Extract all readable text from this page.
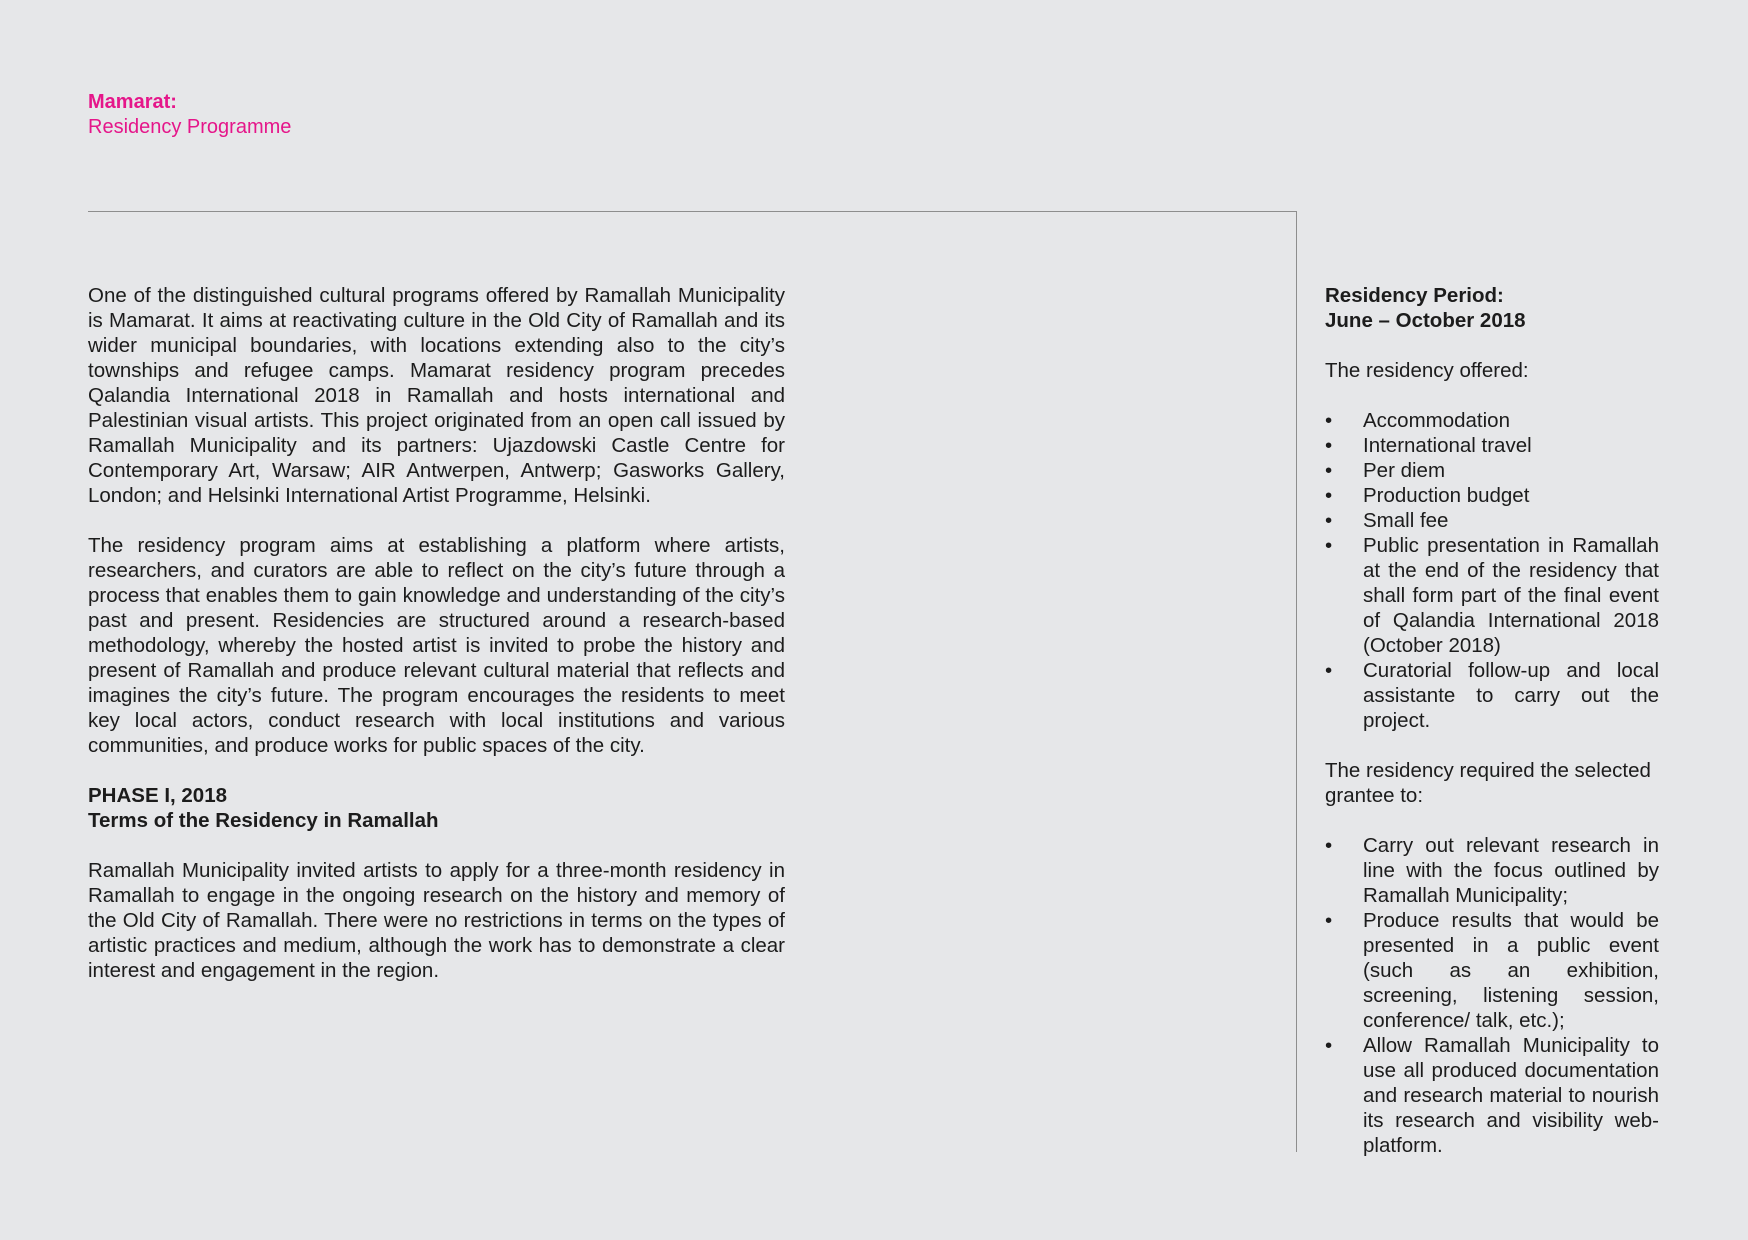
Mamarat:
Residency Programme

One of the distinguished cultural programs offered by Ramallah Municipality is Mamarat. It aims at reactivating culture in the Old City of Ramallah and its wider municipal boundaries, with locations extending also to the city’s townships and refugee camps. Mamarat residency program precedes Qalandia International 2018 in Ramallah and hosts international and Palestinian visual artists. This project originated from an open call issued by Ramallah Municipality and its partners: Ujazdowski Castle Centre for Contemporary Art, Warsaw; AIR Antwerpen, Antwerp; Gasworks Gallery, London; and Helsinki International Artist Programme, Helsinki.

The residency program aims at establishing a platform where artists, researchers, and curators are able to reflect on the city’s future through a process that enables them to gain knowledge and understanding of the city’s past and present. Residencies are structured around a research-based methodology, whereby the hosted artist is invited to probe the history and present of Ramallah and produce relevant cultural material that reflects and imagines the city’s future. The program encourages the residents to meet key local actors, conduct research with local institutions and various communities, and produce works for public spaces of the city.

PHASE I, 2018
Terms of the Residency in Ramallah

Ramallah Municipality invited artists to apply for a three-month residency in Ramallah to engage in the ongoing research on the history and memory of the Old City of Ramallah. There were no restrictions in terms on the types of artistic practices and medium, although the work has to demonstrate a clear interest and engagement in the region.

Residency Period:
June – October 2018

The residency offered:

•	Accommodation
•	International travel
•	Per diem
•	Production budget
•	Small fee
•	Public presentation in Ramallah at the end of the residency that shall form part of the final event of Qalandia International 2018 (October 2018)
•	Curatorial follow-up and local assistante to carry out the project.

The residency required the selected grantee to:

•	Carry out relevant research in line with the focus outlined by Ramallah Municipality;
•	Produce results that would be presented in a public event (such as an exhibition, screening, listening session, conference/ talk, etc.);
•	Allow Ramallah Municipality to use all produced documentation and research material to nourish its research and visibility web-platform.
